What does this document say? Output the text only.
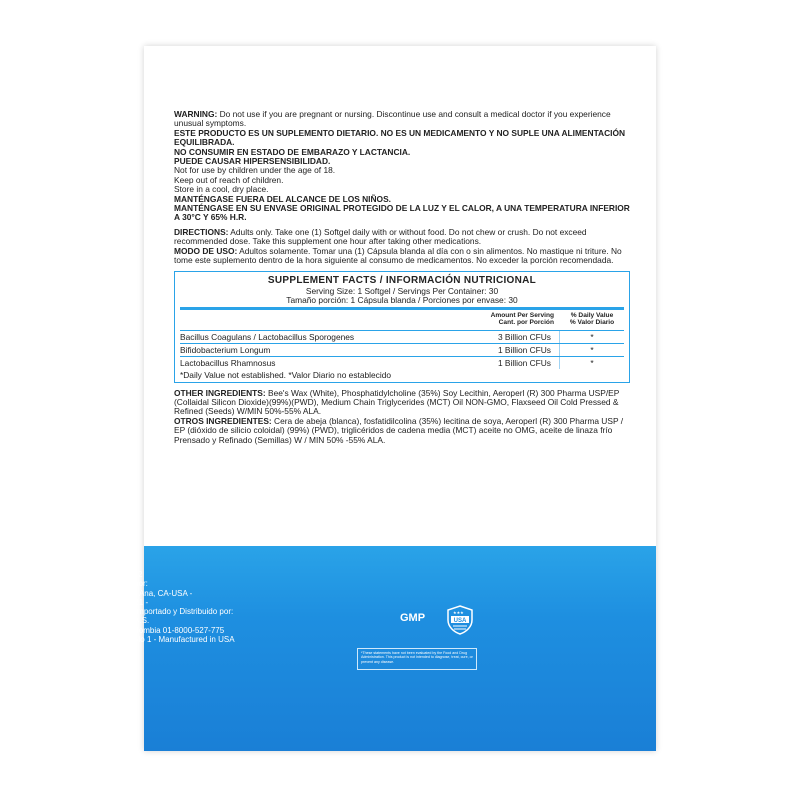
WARNING: Do not use if you are pregnant or nursing. Discontinue use and consult a medical doctor if you experience unusual symptoms.

ESTE PRODUCTO ES UN SUPLEMENTO DIETARIO. NO ES UN MEDICAMENTO Y NO SUPLE UNA ALIMENTACIÓN EQUILIBRADA.

NO CONSUMIR EN ESTADO DE EMBARAZO Y LACTANCIA.

PUEDE CAUSAR HIPERSENSIBILIDAD.

Not for use by children under the age of 18.

Keep out of reach of children.

Store in a cool, dry place.

MANTÉNGASE FUERA DEL ALCANCE DE LOS NIÑOS.

MANTÉNGASE EN SU ENVASE ORIGINAL PROTEGIDO DE LA LUZ Y EL CALOR, A UNA TEMPERATURA INFERIOR A 30°C Y 65% H.R.

DIRECTIONS: Adults only. Take one (1) Softgel daily with or without food. Do not chew or crush. Do not exceed recommended dose. Take this supplement one hour after taking other medications.

MODO DE USO: Adultos solamente. Tomar una (1) Cápsula blanda al día con o sin alimentos. No mastique ni triture. No tome este suplemento dentro de la hora siguiente al consumo de medicamentos. No exceder la porción recomendada.

SUPPLEMENT FACTS / INFORMACIÓN NUTRICIONAL
Serving Size: 1 Softgel / Servings Per Container: 30
Tamaño porción: 1 Cápsula blanda / Porciones por envase: 30
Amount Per Serving
Cant. por Porción
% Daily Value
% Valor Diario
Bacillus Coagulans / Lactobacillus Sporogenes	3 Billion CFUs	*
Bifidobacterium Longum	1 Billion CFUs	*
Lactobacillus Rhamnosus	1 Billion CFUs	*
*Daily Value not established. *Valor Diario no establecido

OTHER INGREDIENTS: Bee's Wax (White), Phosphatidylcholine (35%) Soy Lecithin, Aeroperl (R) 300 Pharma USP/EP (Collaidal Silicon Dioxide)(99%)(PWD), Medium Chain Triglycerides (MCT) Oil NON-GMO, Flaxseed Oil Cold Pressed & Refined (Seeds) W/MIN 50%-55% ALA.

OTROS INGREDIENTES: Cera de abeja (blanca), fosfatidilcolina (35%) lecitina de soya, Aeroperl (R) 300 Pharma USP / EP (dióxido de silicio coloidal) (99%) (PWD), triglicéridos de cadena media (MCT) aceite no OMG, aceite de linaza frío Prensado y Refinado (Semillas) W / MIN 50% -55% ALA.

R.S. INVIMA: SD2023-0004692

Manufactured by / Fabricado por:

Robinson Pharma Inc. - Santa Ana, CA-USA -

USA - Toll-Free 1-866-981-4321 -

Imported and Distributed by / Importado y Distribuido por:

Healthy America Colombia S.A.S.

Yumbo, Valle - Colombia. - Colombia 01-8000-527-775

Product No. 001073FS - Box No 1 - Manufactured in USA

www.healthy-america.com.co

GMP	★★★
USA
*These statements have not been evaluated by the Food and Drug Administration. This product is not intended to diagnose, treat, cure, or prevent any disease.
